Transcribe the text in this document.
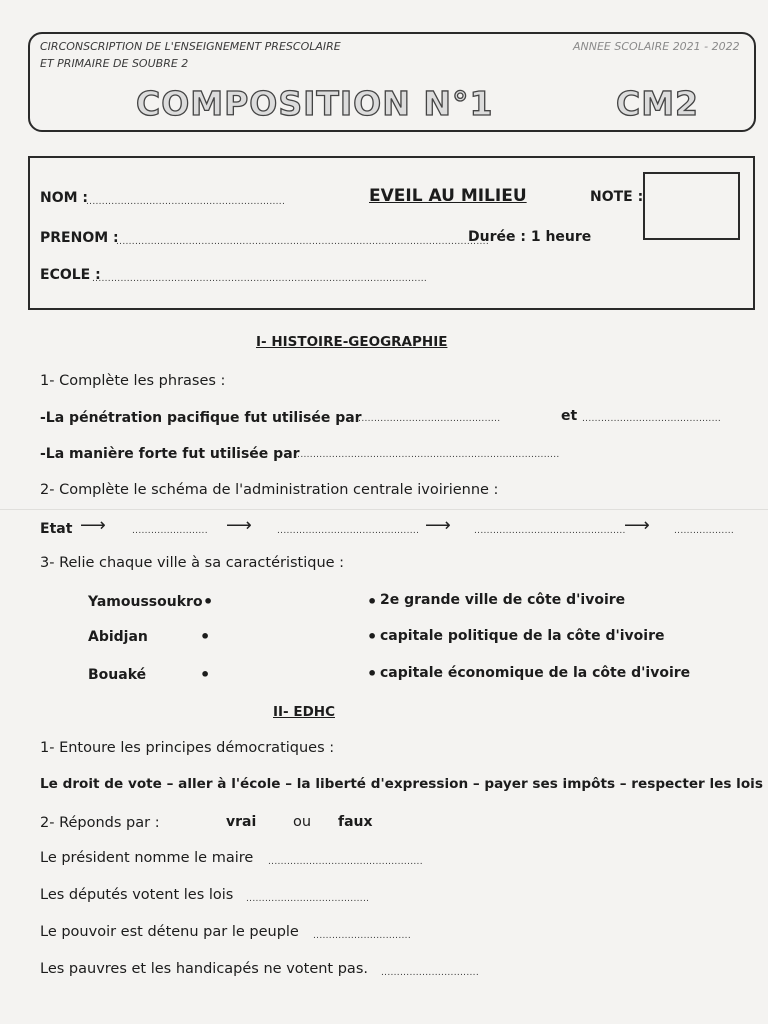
CIRCONSCRIPTION DE L'ENSEIGNEMENT PRESCOLAIRE
ET PRIMAIRE DE SOUBRE 2
ANNEE SCOLAIRE 2021 - 2022
COMPOSITION N°1	CM2
NOM :
...............................................................	EVEIL AU MILIEU	NOTE :
PRENOM :
......................................................................................................................
Durée : 1 heure
ECOLE :
..........................................................................................................
I- HISTOIRE-GEOGRAPHIE
1- Complète les phrases :
-La pénétration pacifique fut utilisée par
..............................................	et ............................................
-La manière forte fut utilisée par
....................................................................................
2- Complète le schéma de l'administration centrale ivoirienne :
Etat ⟶	........................ ⟶	............................................. ⟶	................................................
⟶	...................
3- Relie chaque ville à sa caractéristique :
Yamoussoukro •
Abidjan	•
Bouaké	•
• 2e grande ville de côte d'ivoire
• capitale politique de la côte d'ivoire
• capitale économique de la côte d'ivoire
II- EDHC
1- Entoure les principes démocratiques :
Le droit de vote – aller à l'école – la liberté d'expression – payer ses impôts – respecter les lois
2- Réponds par :	vrai	ou faux
Le président nomme le maire .................................................
Les députés votent les lois .......................................
Le pouvoir est détenu par le peuple ...............................
Les pauvres et les handicapés ne votent pas. ...............................
